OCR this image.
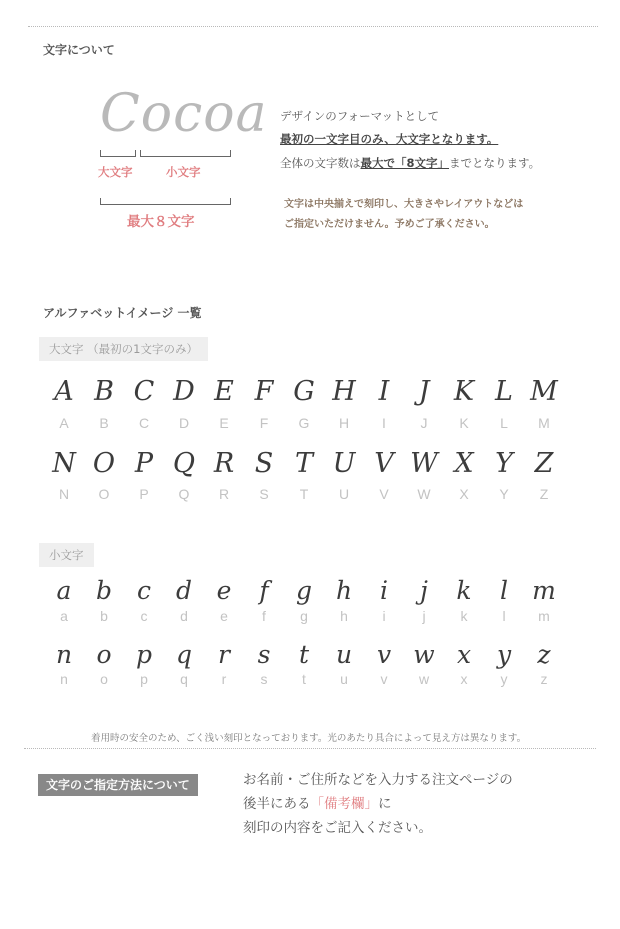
文字について
Cocoa
大文字	小文字
最大８文字
デザインのフォーマットとして
最初の一文字目のみ、大文字となります。
全体の文字数は最大で「8文字」までとなります。
文字は中央揃えで刻印し、大きさやレイアウトなどは
ご指定いただけません。予めご了承ください。
アルファベットイメージ 一覧
大文字 （最初の1文字のみ）
A B C D E F G H I	J K L M
A	B	C	D	E	F	G	H	I	J	K	L	M
N O P Q R S T U V W X Y Z
N	O	P	Q	R	S	T	U	V	W	X	Y	Z
小文字
a b c d e	f	g h	i	j	k	l m
a	b	c	d	e	f	g	h	i	j	k	l	m
n o p q	r	s	t	u v w x	y	z
n	o	p	q	r	s	t	u	v	w	x	y	z
着用時の安全のため、ごく浅い刻印となっております。光のあたり具合によって見え方は異なります。
文字のご指定方法について	お名前・ご住所などを入力する注文ページの
後半にある「備考欄」に
刻印の内容をご記入ください。
